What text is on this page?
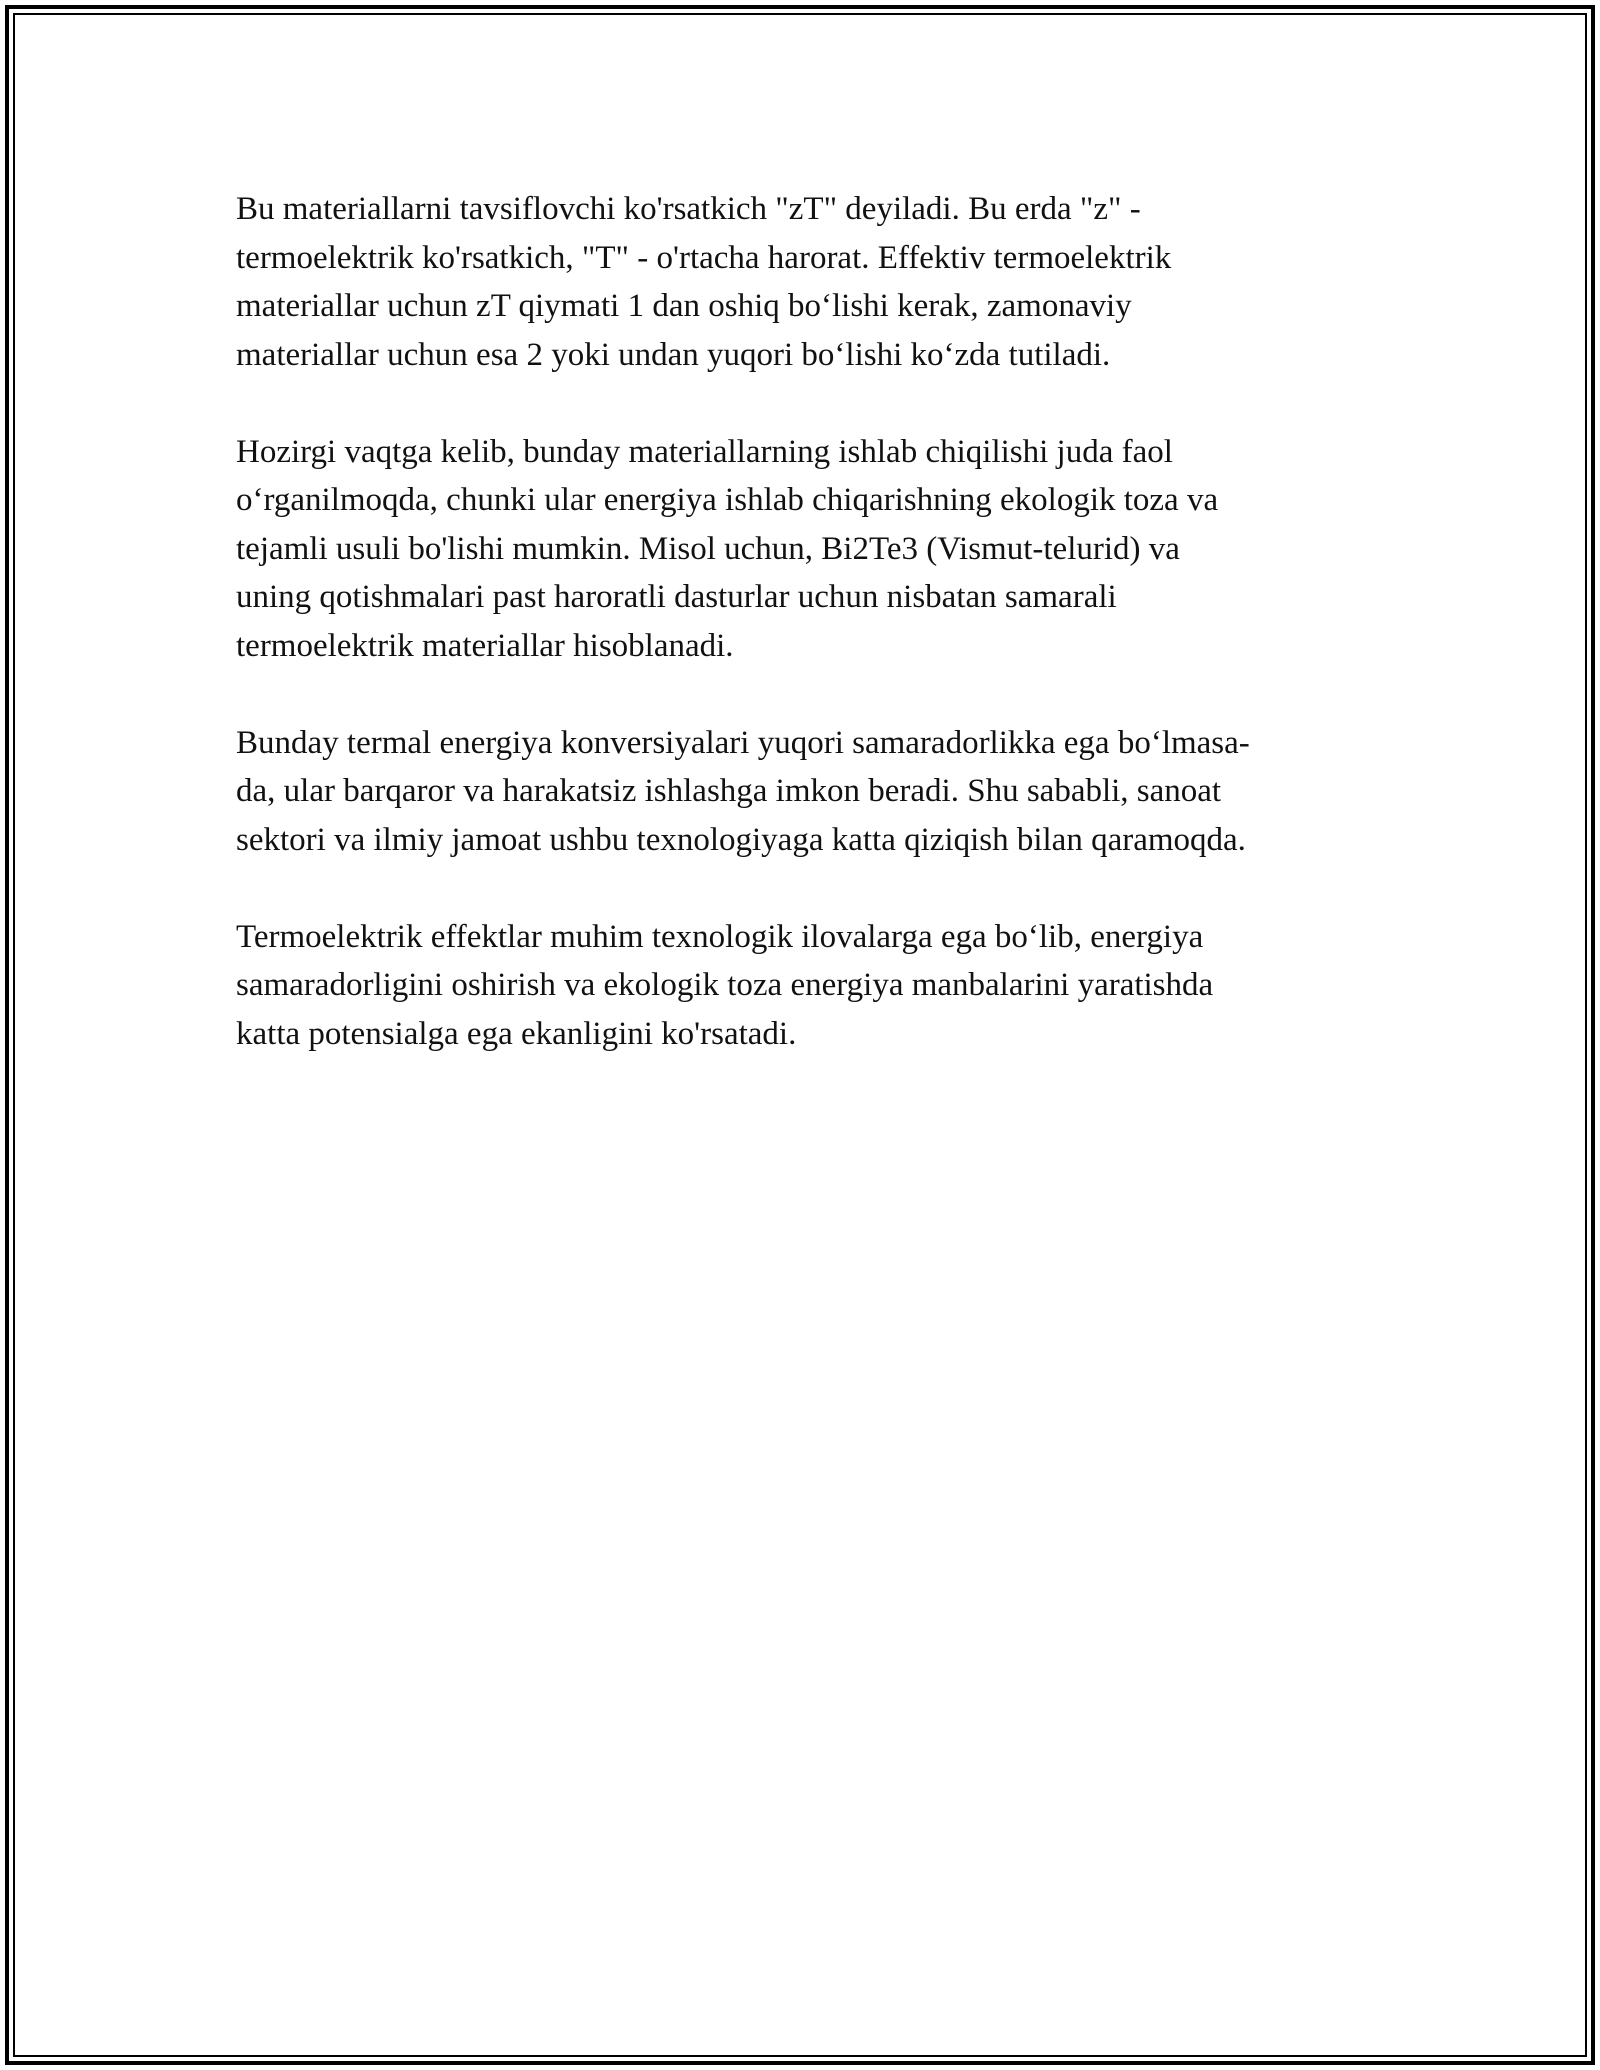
Bu materiallarni tavsiflovchi ko'rsatkich "zT" deyiladi. Bu erda "z" -
termoelektrik ko'rsatkich, "T" - o'rtacha harorat. Effektiv termoelektrik
materiallar uchun zT qiymati 1 dan oshiq bo‘lishi kerak, zamonaviy
materiallar uchun esa 2 yoki undan yuqori bo‘lishi ko‘zda tutiladi.

Hozirgi vaqtga kelib, bunday materiallarning ishlab chiqilishi juda faol
o‘rganilmoqda, chunki ular energiya ishlab chiqarishning ekologik toza va
tejamli usuli bo'lishi mumkin. Misol uchun, Bi2Te3 (Vismut-telurid) va
uning qotishmalari past haroratli dasturlar uchun nisbatan samarali
termoelektrik materiallar hisoblanadi.

Bunday termal energiya konversiyalari yuqori samaradorlikka ega bo‘lmasa-
da, ular barqaror va harakatsiz ishlashga imkon beradi. Shu sababli, sanoat
sektori va ilmiy jamoat ushbu texnologiyaga katta qiziqish bilan qaramoqda.

Termoelektrik effektlar muhim texnologik ilovalarga ega bo‘lib, energiya
samaradorligini oshirish va ekologik toza energiya manbalarini yaratishda
katta potensialga ega ekanligini ko'rsatadi.
